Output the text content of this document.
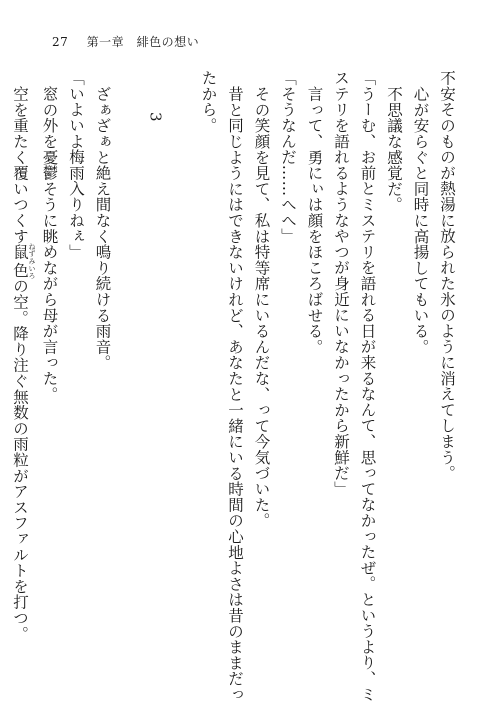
27 第一章　緋色の想い
不安そのものが熱湯に放られた氷のように消えてしまう。
心が安らぐと同時に高揚してもいる。
不思議な感覚だ。
「うーむ、お前とミステリを語れる日が来るなんて、思ってなかったぜ。というより、ミ
ステリを語れるようなやつが身近にいなかったから新鮮だ」
言って、勇にぃは顔をほころばせる。
「そうなんだ……へへ」
その笑顔を見て、私は特等席にいるんだな、って今気づいた。
昔と同じようにはできないけれど、あなたと一緒にいる時間の心地よさは昔のままだっ
たから。

3

ざぁざぁと絶え間なく鳴り続ける雨音。
「いよいよ梅雨入りねぇ」
窓の外を憂鬱そうに眺めながら母が言った。
空を重たく覆いつくす鼠色 ねずみいろの空。降り注ぐ無数の雨粒がアスファルトを打つ。
